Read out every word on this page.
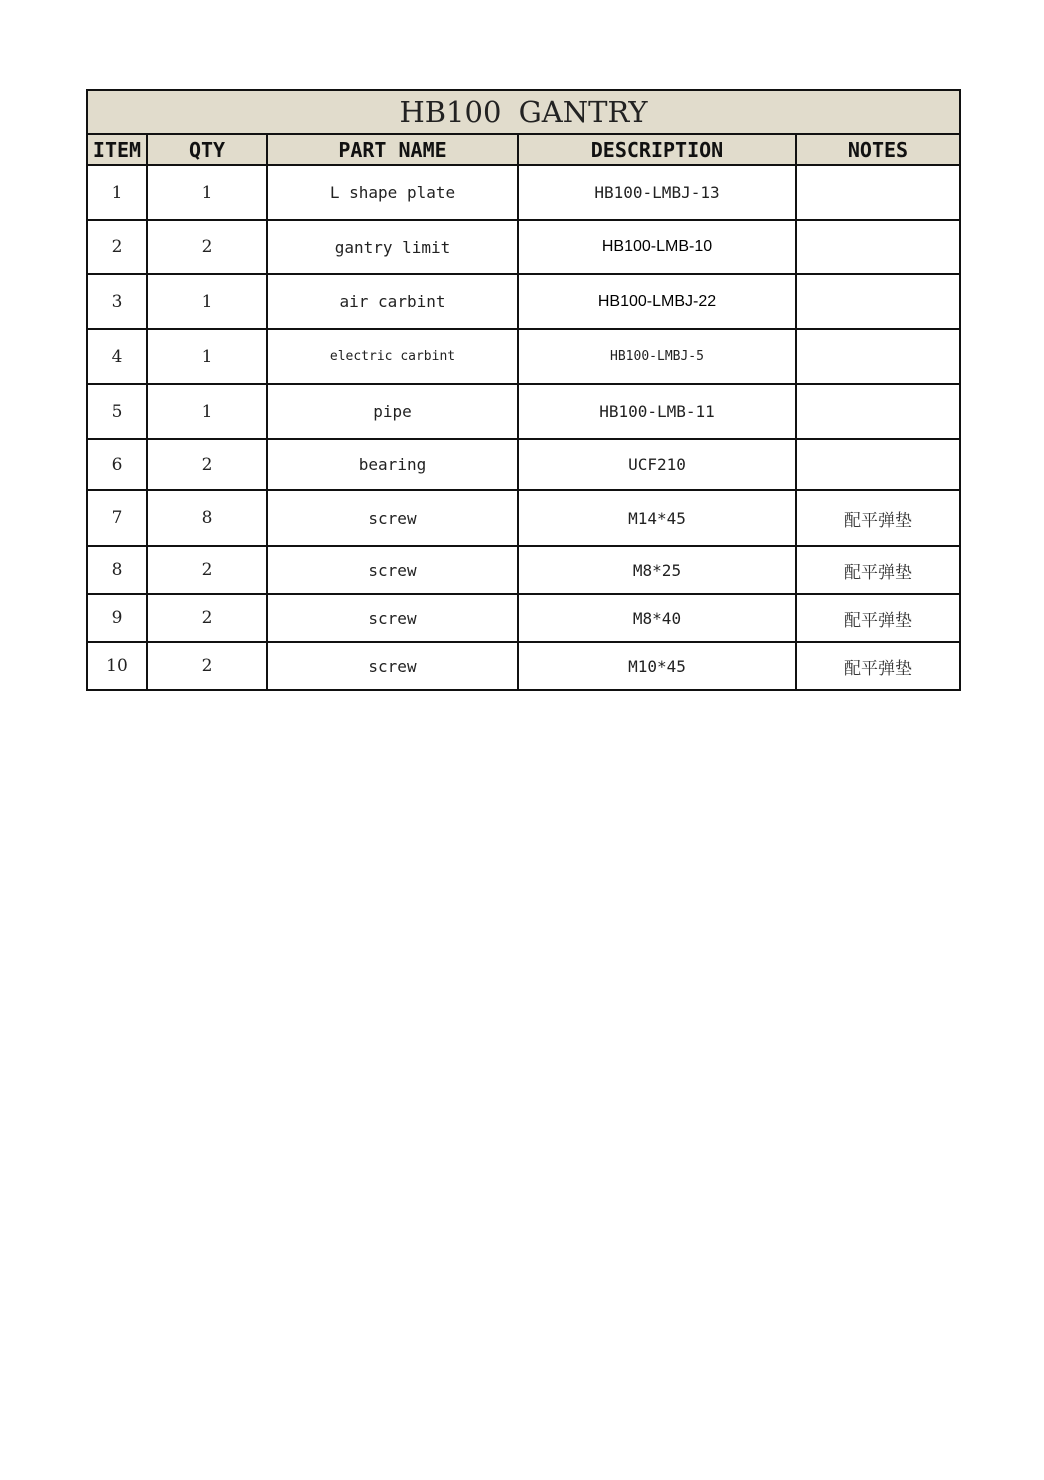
HB100 GANTRY				
ITEM	QTY	PART NAME	DESCRIPTION	NOTES
1	1	L shape plate	HB100-LMBJ-13	
2	2	gantry limit	HB100-LMB-10	
3	1	air carbint	HB100-LMBJ-22	
4	1	electric carbint	HB100-LMBJ-5	
5	1	pipe	HB100-LMB-11	
6	2	bearing	UCF210	
7	8	screw	M14*45	配平弹垫
8	2	screw	M8*25	配平弹垫
9	2	screw	M8*40	配平弹垫
10	2	screw	M10*45	配平弹垫
